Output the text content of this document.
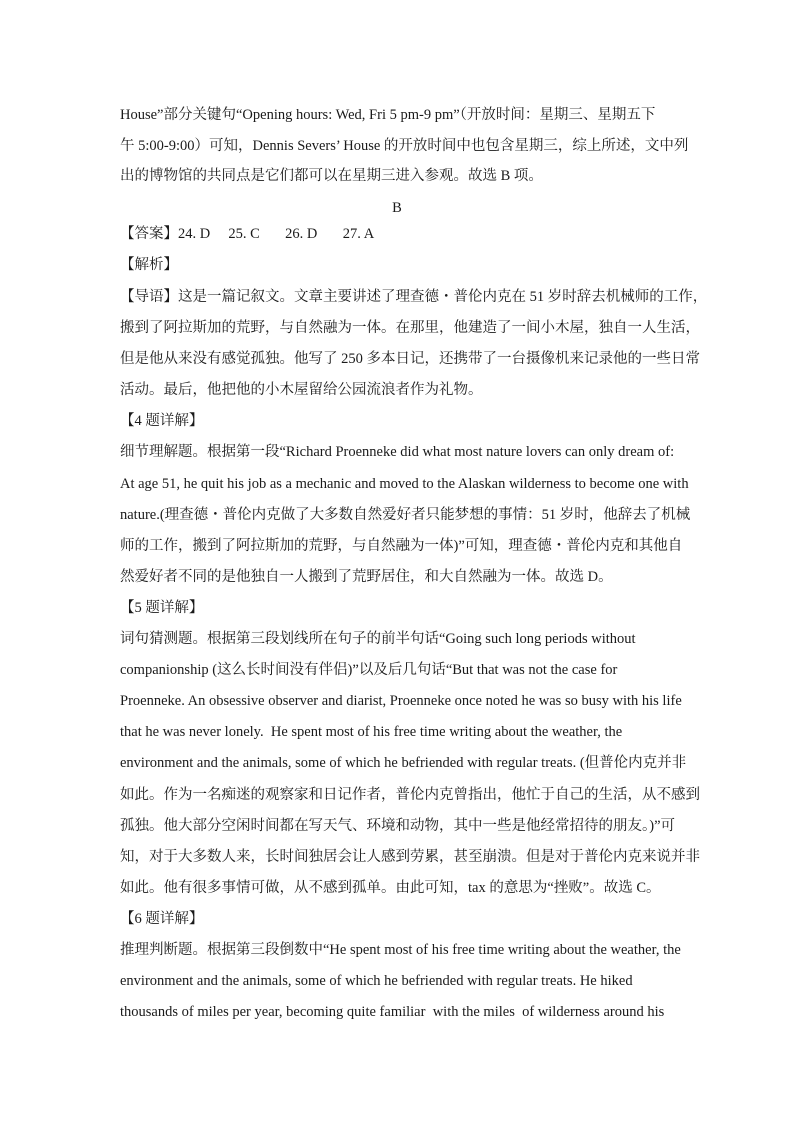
House”部分关键句“Opening hours: Wed, Fri 5 pm-9 pm”（开放时间：星期三、星期五下
午 5:00-9:00）可知，Dennis Severs’ House 的开放时间中也包含星期三，综上所述，文中列
出的博物馆的共同点是它们都可以在星期三进入参观。故选 B 项。
B
【答案】24. D     25. C       26. D       27. A
【解析】
【导语】这是一篇记叙文。文章主要讲述了理查德・普伦内克在 51 岁时辞去机械师的工作，
搬到了阿拉斯加的荒野，与自然融为一体。在那里，他建造了一间小木屋，独自一人生活，
但是他从来没有感觉孤独。他写了 250 多本日记，还携带了一台摄像机来记录他的一些日常
活动。最后，他把他的小木屋留给公园流浪者作为礼物。
【4 题详解】
细节理解题。根据第一段“Richard Proenneke did what most nature lovers can only dream of:
At age 51, he quit his job as a mechanic and moved to the Alaskan wilderness to become one with
nature.(理查德・普伦内克做了大多数自然爱好者只能梦想的事情：51 岁时，他辞去了机械
师的工作，搬到了阿拉斯加的荒野，与自然融为一体)”可知，理查德・普伦内克和其他自
然爱好者不同的是他独自一人搬到了荒野居住，和大自然融为一体。故选 D。
【5 题详解】
词句猜测题。根据第三段划线所在句子的前半句话“Going such long periods without
companionship (这么长时间没有伴侣)”以及后几句话“But that was not the case for
Proenneke. An obsessive observer and diarist, Proenneke once noted he was so busy with his life
that he was never lonely.  He spent most of his free time writing about the weather, the
environment and the animals, some of which he befriended with regular treats. (但普伦内克并非
如此。作为一名痴迷的观察家和日记作者，普伦内克曾指出，他忙于自己的生活，从不感到
孤独。他大部分空闲时间都在写天气、环境和动物，其中一些是他经常招待的朋友。)”可
知，对于大多数人来，长时间独居会让人感到劳累，甚至崩溃。但是对于普伦内克来说并非
如此。他有很多事情可做，从不感到孤单。由此可知，tax 的意思为“挫败”。故选 C。
【6 题详解】
推理判断题。根据第三段倒数中“He spent most of his free time writing about the weather, the
environment and the animals, some of which he befriended with regular treats. He hiked
thousands of miles per year, becoming quite familiar  with the miles  of wilderness around his
